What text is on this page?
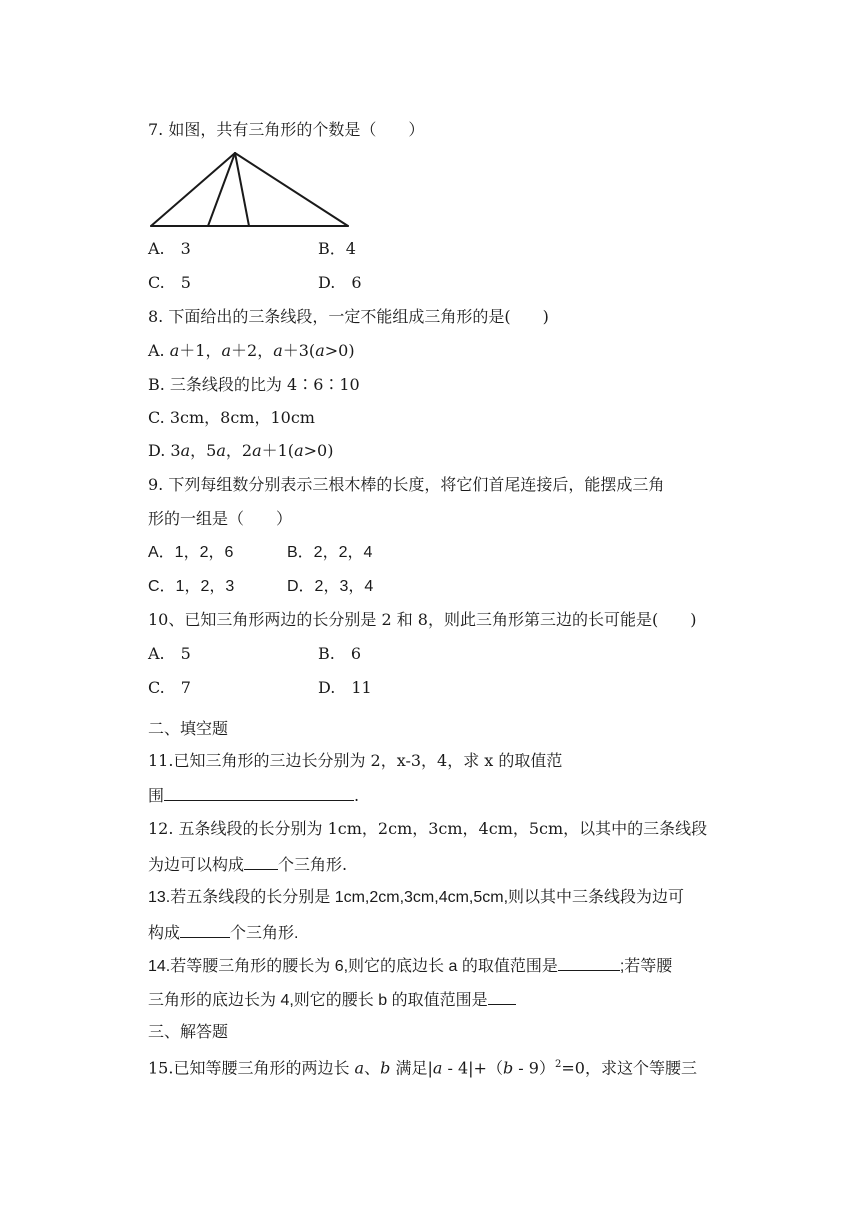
7. 如图，共有三角形的个数是（　　）
A.　3	B．4
C.　5	D.　6
8. 下面给出的三条线段，一定不能组成三角形的是(　　)
A. a＋1，a＋2，a＋3(a>0)
B. 三条线段的比为 4∶6∶10
C. 3cm，8cm，10cm
D. 3a，5a，2a＋1(a>0)
9. 下列每组数分别表示三根木棒的长度，将它们首尾连接后，能摆成三角
形的一组是（　　）
A．1，2，6	B．2，2，4
C．1，2，3	D．2，3，4
10、已知三角形两边的长分别是 2 和 8，则此三角形第三边的长可能是(　　)
A.　5	B.　6
C.　7	D.　11
二、填空题
11.已知三角形的三边长分别为 2，x-3，4，求 x 的取值范
围	.
12. 五条线段的长分别为 1cm，2cm，3cm，4cm，5cm，以其中的三条线段
为边可以构成 个三角形.
13.若五条线段的长分别是 1cm,2cm,3cm,4cm,5cm,则以其中三条线段为边可
构成	个三角形.
14.若等腰三角形的腰长为 6,则它的底边长 a 的取值范围是	;若等腰
三角形的底边长为 4,则它的腰长 b 的取值范围是
三、解答题
15.已知等腰三角形的两边长 a、b 满足|a - 4|+（b - 9）$^2$=0，求这个等腰三
